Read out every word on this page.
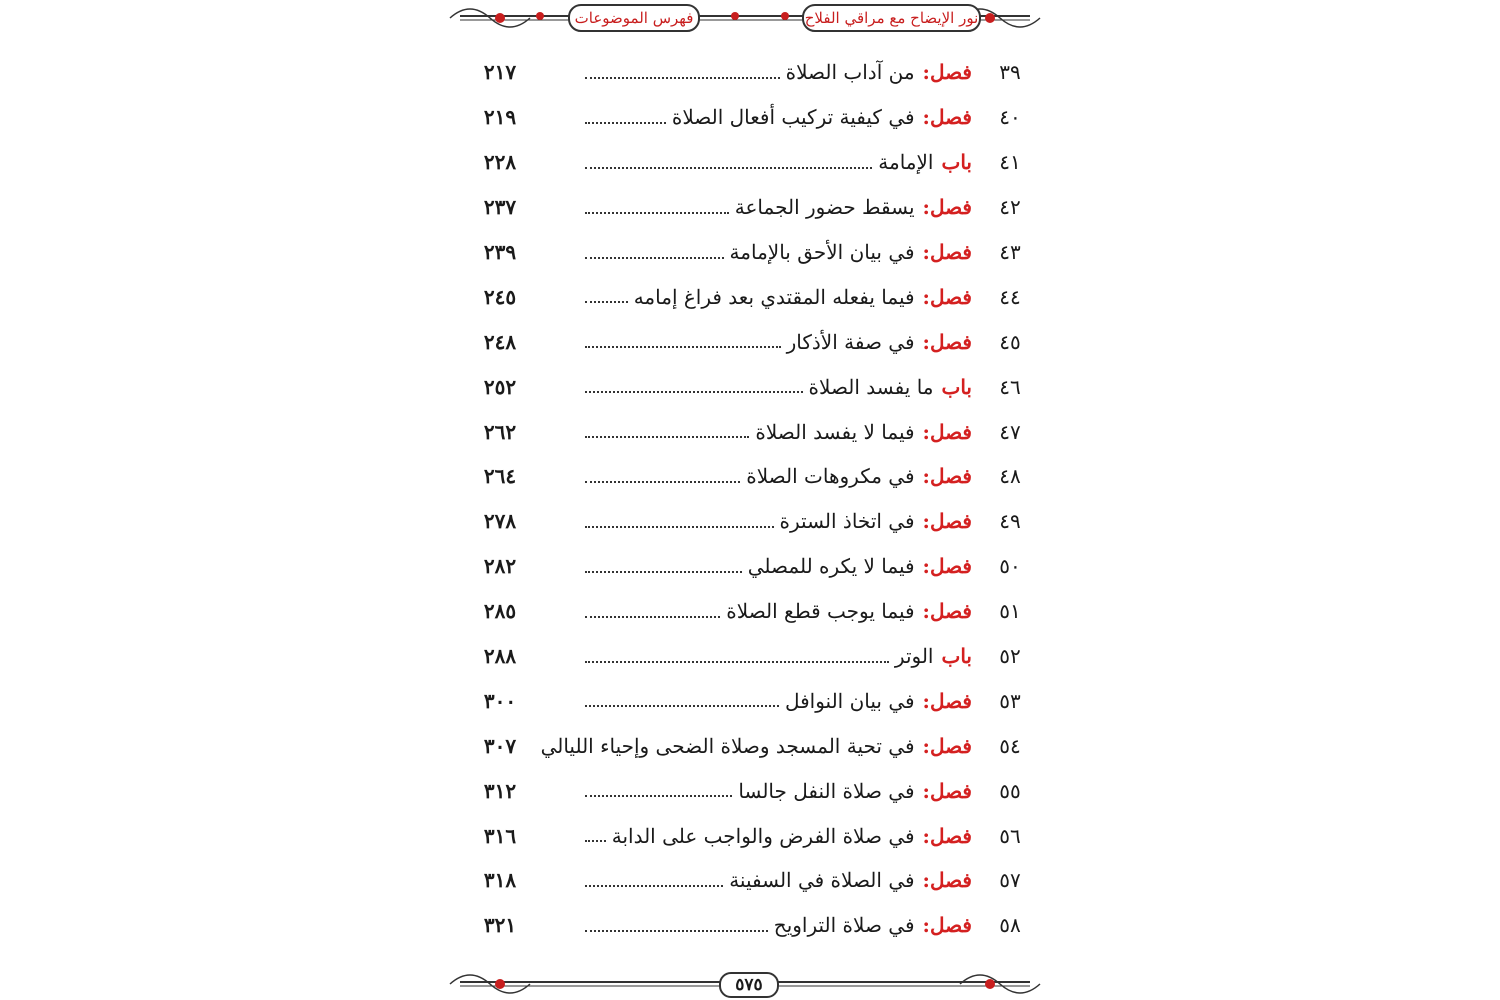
فهرس الموضوعات	نور الإيضاح مع مراقي الفلاح
٣٩
فصل
:
من آداب الصلاة
٢١٧
٤٠
فصل
:
في كيفية تركيب أفعال الصلاة
٢١٩
٤١
باب
الإمامة
٢٢٨
٤٢
فصل
:
يسقط حضور الجماعة
٢٣٧
٤٣
فصل
:
في بيان الأحق بالإمامة
٢٣٩
٤٤
فصل
:
فيما يفعله المقتدي بعد فراغ إمامه
٢٤٥
٤٥
فصل
:
في صفة الأذكار
٢٤٨
٤٦
باب
ما يفسد الصلاة
٢٥٢
٤٧
فصل
:
فيما لا يفسد الصلاة
٢٦٢
٤٨
فصل
:
في مكروهات الصلاة
٢٦٤
٤٩
فصل
:
في اتخاذ السترة
٢٧٨
٥٠
فصل
:
فيما لا يكره للمصلي
٢٨٢
٥١
فصل
:
فيما يوجب قطع الصلاة
٢٨٥
٥٢
باب
الوتر
٢٨٨
٥٣
فصل
:
في بيان النوافل
٣٠٠
٥٤
فصل
:
في تحية المسجد وصلاة الضحى وإحياء الليالي
٣٠٧
٥٥
فصل
:
في صلاة النفل جالسا
٣١٢
٥٦
فصل
:
في صلاة الفرض والواجب على الدابة
٣١٦
٥٧
فصل
:
في الصلاة في السفينة
٣١٨
٥٨
فصل
:
في صلاة التراويح
٣٢١
٥٧٥
